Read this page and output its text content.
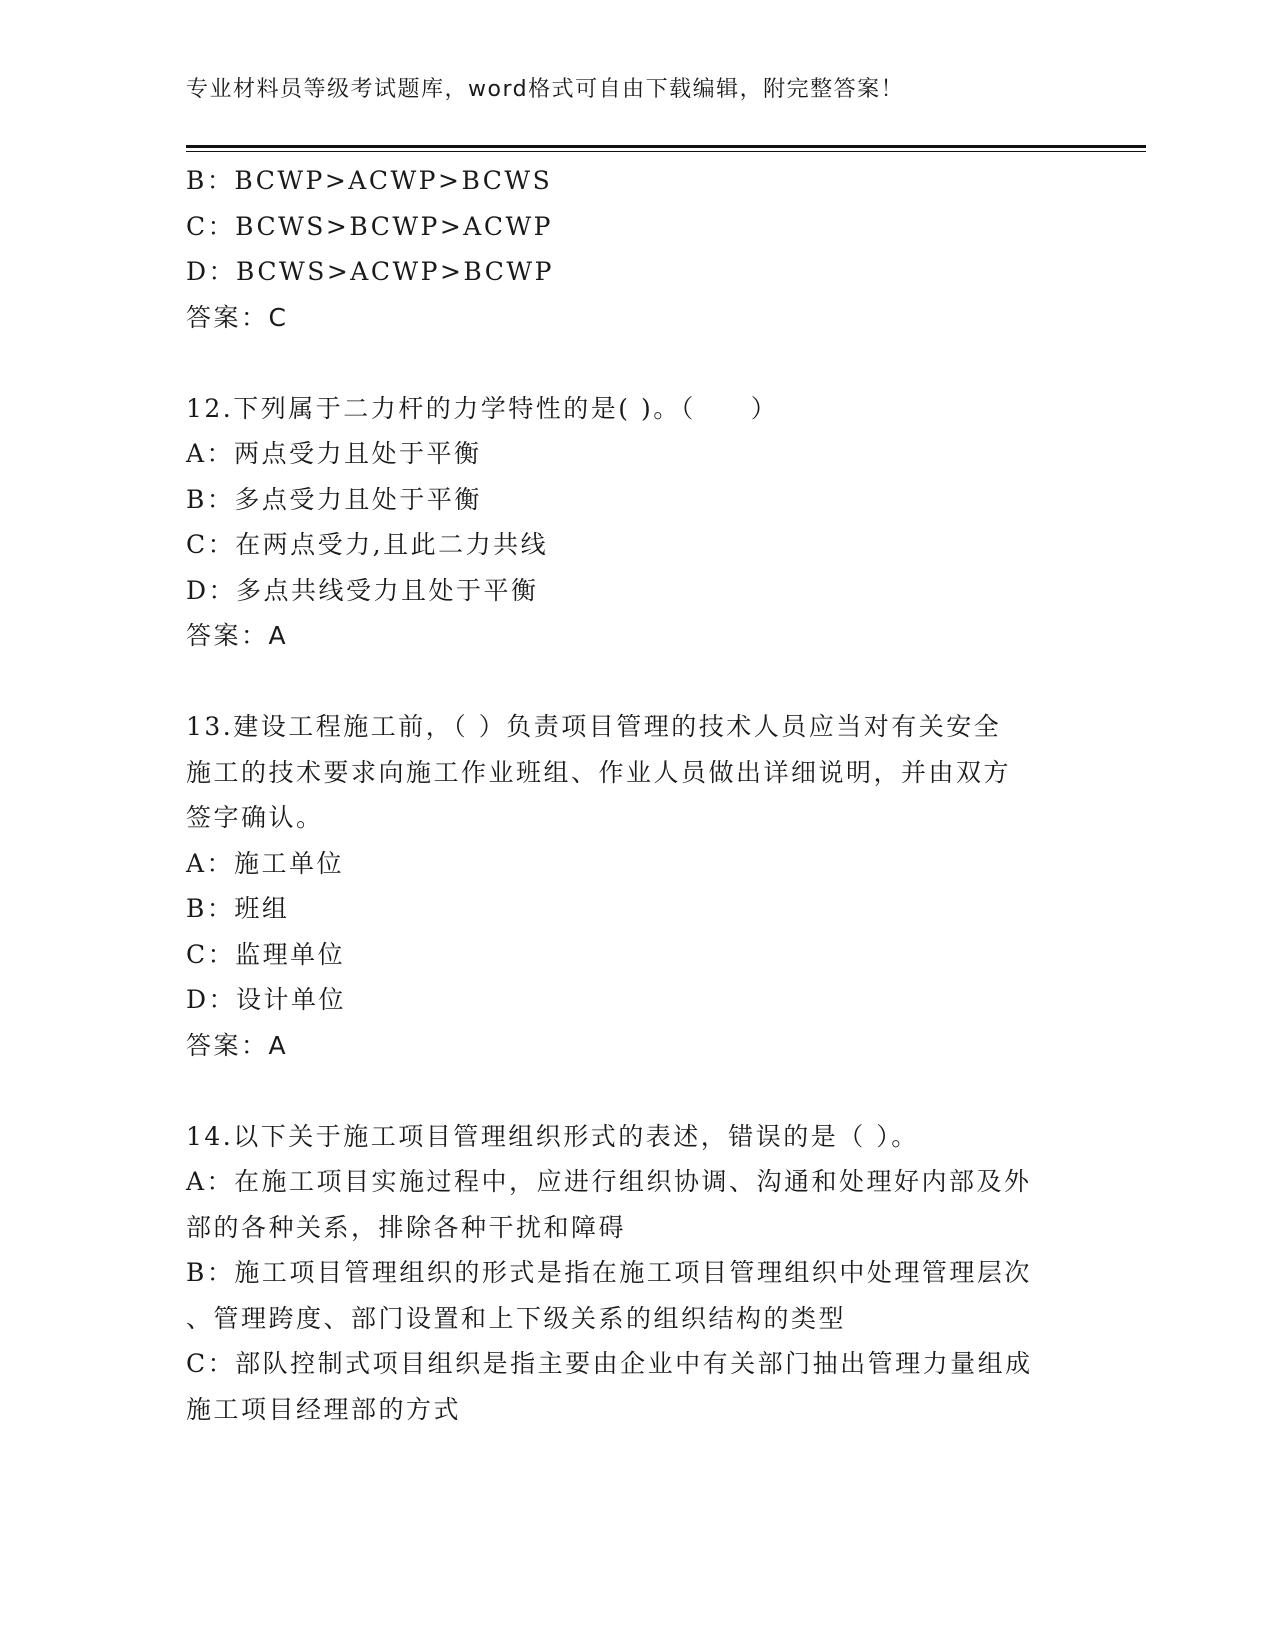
专业材料员等级考试题库，word格式可自由下载编辑，附完整答案！
B：BCWP>ACWP>BCWS
C：BCWS>BCWP>ACWP
D：BCWS>ACWP>BCWP
答案：C
12.下列属于二力杆的力学特性的是( )。（　　）
A：两点受力且处于平衡
B：多点受力且处于平衡
C：在两点受力,且此二力共线
D：多点共线受力且处于平衡
答案：A
13.建设工程施工前，（ ）负责项目管理的技术人员应当对有关安全
施工的技术要求向施工作业班组、作业人员做出详细说明，并由双方
签字确认。
A：施工单位
B：班组
C：监理单位
D：设计单位
答案：A
14.以下关于施工项目管理组织形式的表述，错误的是（ ）。
A：在施工项目实施过程中，应进行组织协调、沟通和处理好内部及外
部的各种关系，排除各种干扰和障碍
B：施工项目管理组织的形式是指在施工项目管理组织中处理管理层次
、管理跨度、部门设置和上下级关系的组织结构的类型
C：部队控制式项目组织是指主要由企业中有关部门抽出管理力量组成
施工项目经理部的方式
